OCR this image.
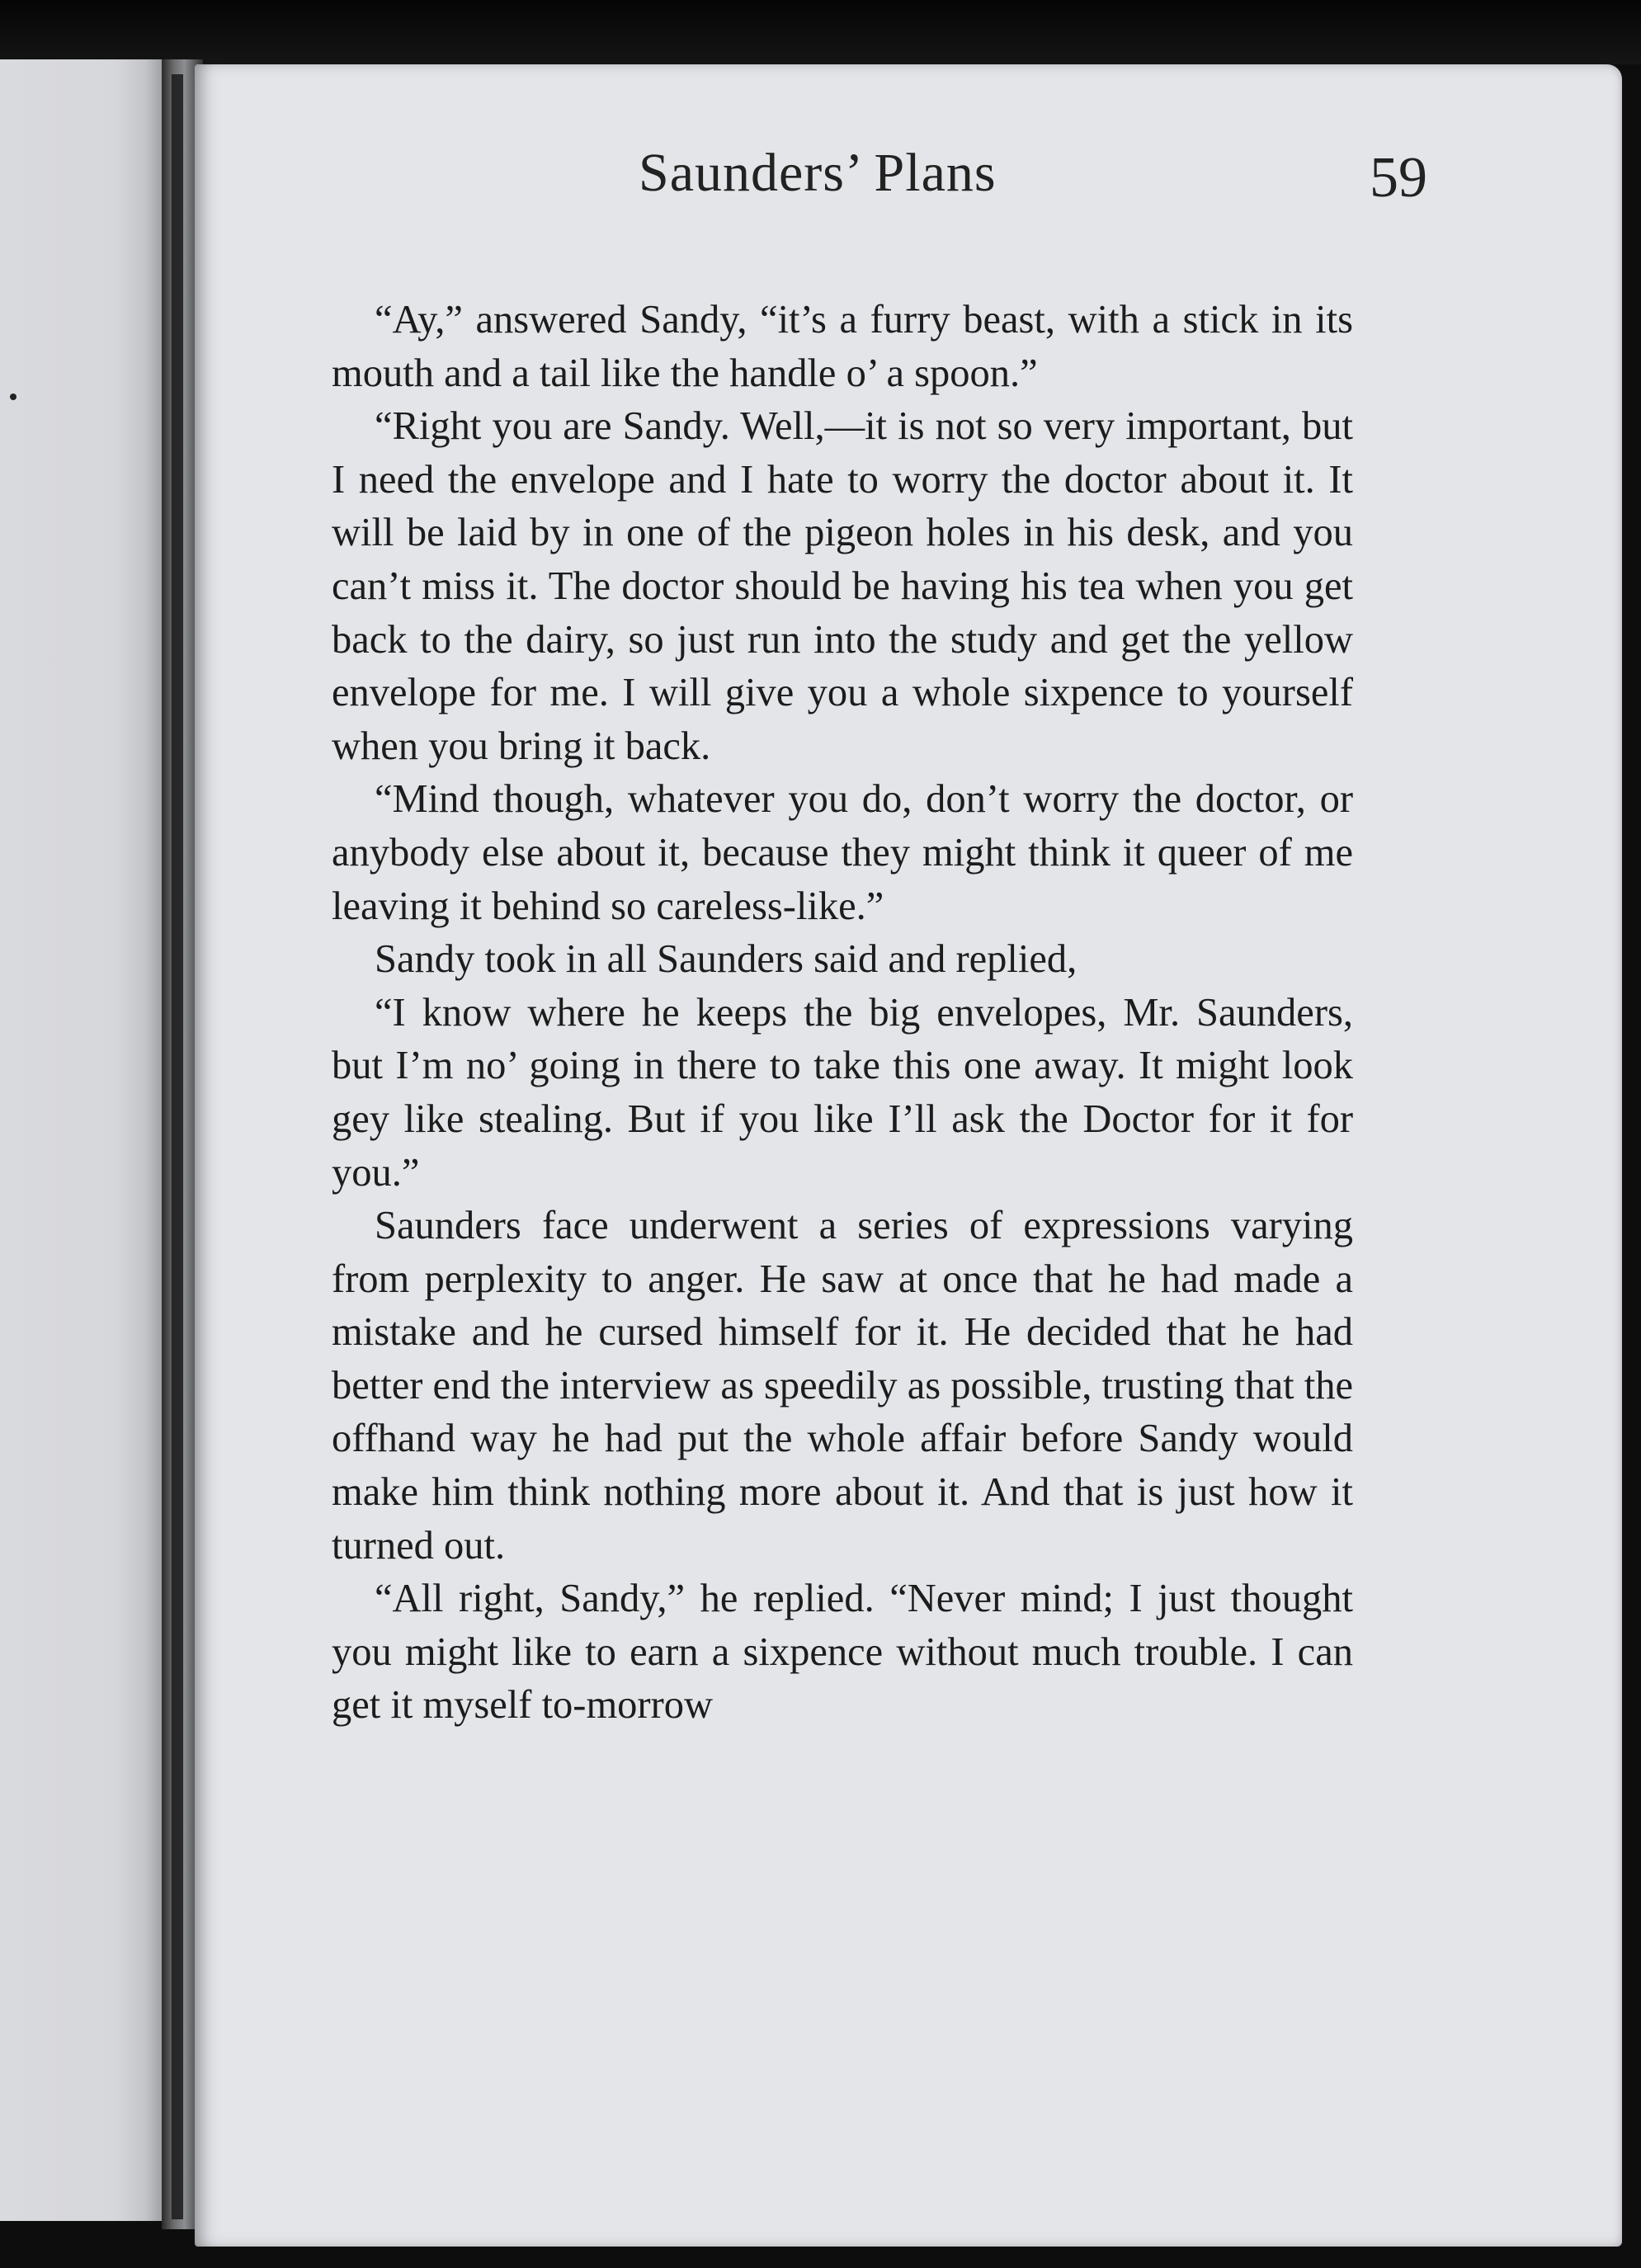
Saunders’ Plans	59

“Ay,” answered Sandy, “it’s a furry beast, with a stick in its mouth and a tail like the handle o’ a spoon.”

“Right you are Sandy. Well,—it is not so very important, but I need the envelope and I hate to worry the doctor about it. It will be laid by in one of the pigeon holes in his desk, and you can’t miss it. The doctor should be having his tea when you get back to the dairy, so just run into the study and get the yellow envelope for me. I will give you a whole sixpence to yourself when you bring it back.

“Mind though, whatever you do, don’t worry the doctor, or anybody else about it, because they might think it queer of me leaving it behind so careless-like.”

Sandy took in all Saunders said and replied,

“I know where he keeps the big envelopes, Mr. Saunders, but I’m no’ going in there to take this one away. It might look gey like stealing. But if you like I’ll ask the Doctor for it for you.”

Saunders face underwent a series of expressions varying from perplexity to anger. He saw at once that he had made a mistake and he cursed himself for it. He decided that he had better end the interview as speedily as possible, trusting that the offhand way he had put the whole affair before Sandy would make him think nothing more about it. And that is just how it turned out.

“All right, Sandy,” he replied. “Never mind; I just thought you might like to earn a sixpence without much trouble. I can get it myself to-morrow
